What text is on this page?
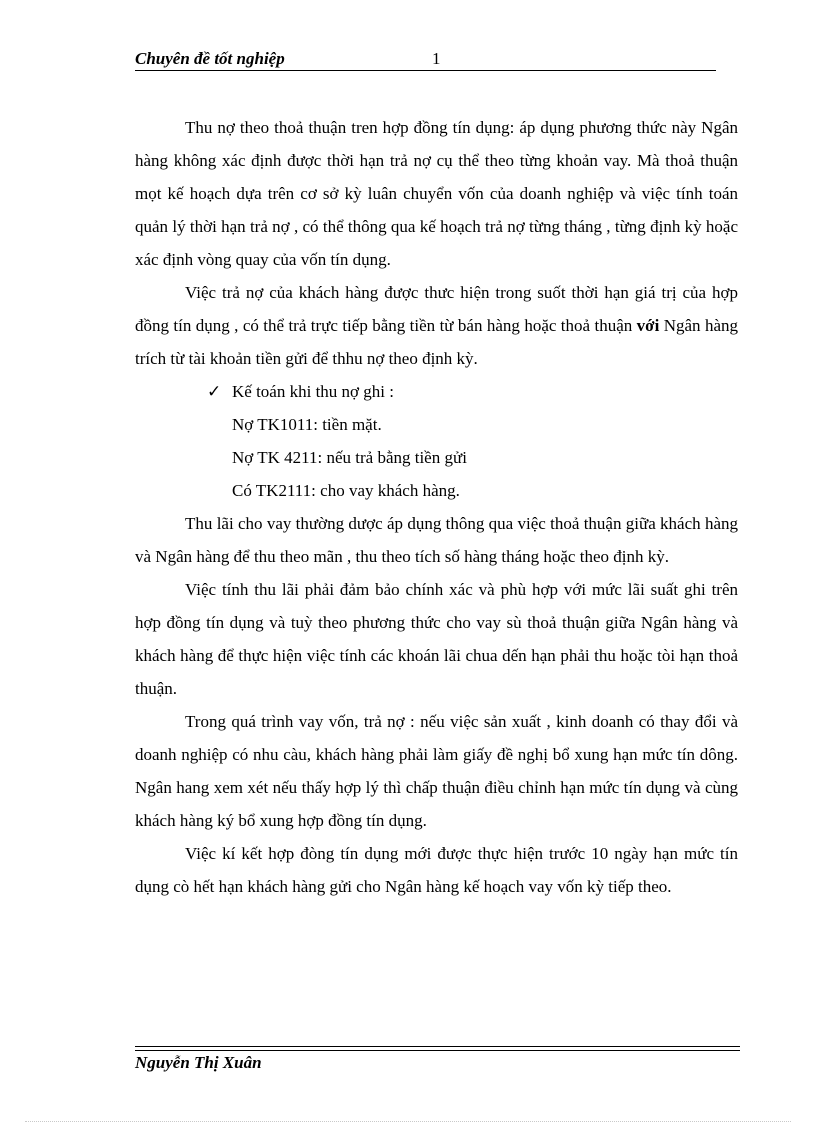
Chuyên đề tốt nghiệp	1

Thu nợ theo thoả thuận tren hợp đồng tín dụng: áp dụng phương thức này Ngân hàng không xác định được thời hạn trả nợ cụ thể theo từng khoản vay. Mà thoả thuận mọt kế hoạch dựa trên cơ sở kỳ luân chuyển vốn của doanh nghiệp và việc tính toán quản lý thời hạn trả nợ , có thể thông qua kế hoạch trả nợ từng tháng , từng định kỳ hoặc xác định vòng quay của vốn tín dụng.

Việc trả nợ của khách hàng được thưc hiện trong suốt thời hạn giá trị của hợp đồng tín dụng , có thể trả trực tiếp bằng tiền từ bán hàng hoặc thoả thuận với Ngân hàng trích từ tài khoản tiền gửi để thhu nợ theo định kỳ.

✓ Kế toán khi thu nợ ghi :
Nợ TK1011: tiền mặt.
Nợ TK 4211: nếu trả bằng tiền gửi
Có TK2111: cho vay khách hàng.

Thu lãi cho vay thường dược áp dụng thông qua việc thoả thuận giữa khách hàng và Ngân hàng để thu theo mãn , thu theo tích số hàng tháng hoặc theo định kỳ.

Việc tính thu lãi phải đảm bảo chính xác và phù hợp với mức lãi suất ghi trên hợp đồng tín dụng và tuỳ theo phương thức cho vay sù thoả thuận giữa Ngân hàng và khách hàng để thực hiện việc tính các khoán lãi chua dến hạn phải thu hoặc tòi hạn thoả thuận.

Trong quá trình vay vốn, trả nợ : nếu việc sản xuất , kinh doanh có thay đổi và doanh nghiệp có nhu càu, khách hàng phải làm giấy đề nghị bổ xung hạn mức tín dông. Ngân hang xem xét nếu thấy hợp lý thì chấp thuận điều chỉnh hạn mức tín dụng và cùng khách hàng ký bổ xung hợp đồng tín dụng.

Việc kí kết hợp đòng tín dụng mới được thực hiện trước 10 ngày hạn mức tín dụng cò hết hạn khách hàng gửi cho Ngân hàng kế hoạch vay vốn kỳ tiếp theo.

Nguyễn Thị Xuân
